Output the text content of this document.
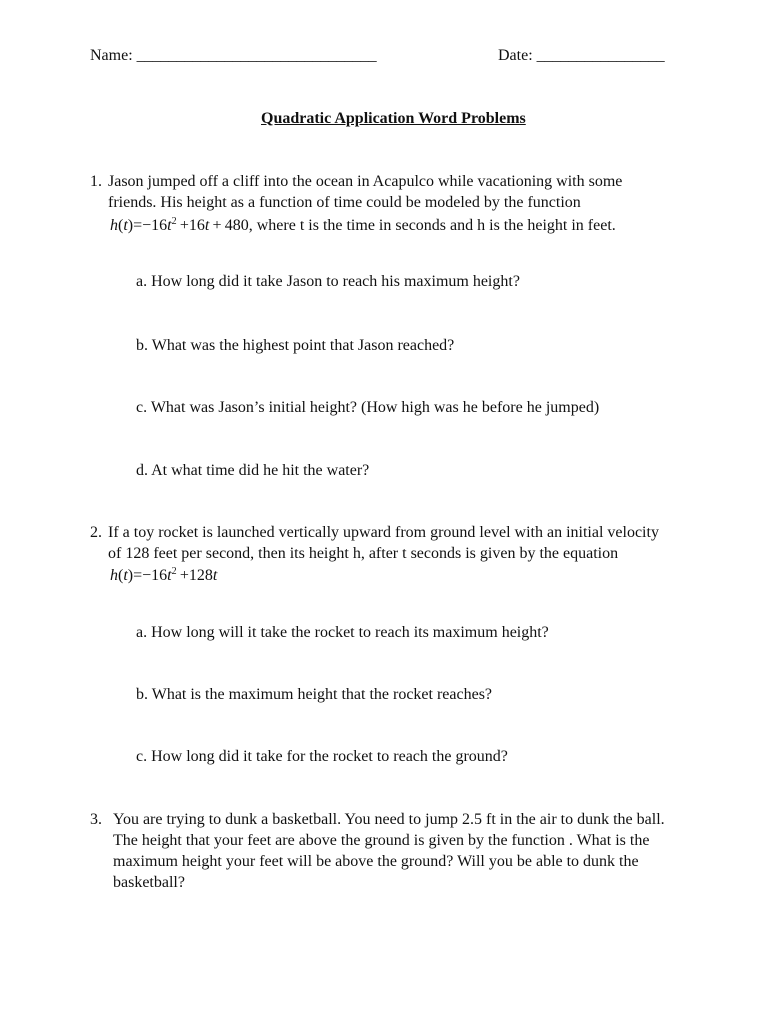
Name: ______________________________	Date: ________________
Quadratic Application Word Problems
1. Jason jumped off a cliff into the ocean in Acapulco while vacationing with some
friends. His height as a function of time could be modeled by the function
$h(t)=-16t^2 +16t + 480$, where t is the time in seconds and h is the height in feet.
a. How long did it take Jason to reach his maximum height?
b. What was the highest point that Jason reached?
c. What was Jason’s initial height? (How high was he before he jumped)
d. At what time did he hit the water?
2. If a toy rocket is launched vertically upward from ground level with an initial velocity
of 128 feet per second, then its height h, after t seconds is given by the equation
$h(t)=-16t^2 +128t$
a. How long will it take the rocket to reach its maximum height?
b. What is the maximum height that the rocket reaches?
c. How long did it take for the rocket to reach the ground?
3. You are trying to dunk a basketball. You need to jump 2.5 ft in the air to dunk the ball.
The height that your feet are above the ground is given by the function . What is the
maximum height your feet will be above the ground? Will you be able to dunk the
basketball?
